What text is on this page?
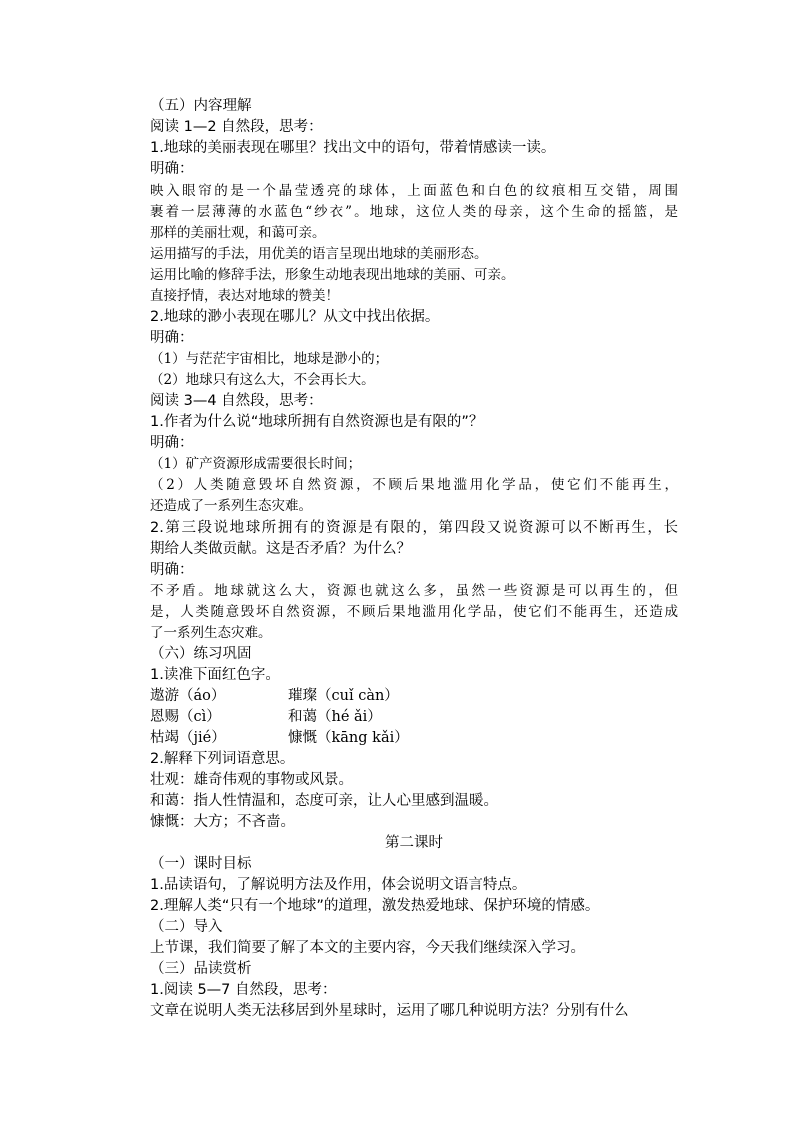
（五）内容理解
阅读 1—2 自然段，思考：
1.地球的美丽表现在哪里？找出文中的语句，带着情感读一读。
明确：
映入眼帘的是一个晶莹透亮的球体，上面蓝色和白色的纹痕相互交错，周围
裹着一层薄薄的水蓝色“纱衣”。地球，这位人类的母亲，这个生命的摇篮，是
那样的美丽壮观，和蔼可亲。
运用描写的手法，用优美的语言呈现出地球的美丽形态。
运用比喻的修辞手法，形象生动地表现出地球的美丽、可亲。
直接抒情，表达对地球的赞美！
2.地球的渺小表现在哪儿？从文中找出依据。
明确：
（1）与茫茫宇宙相比，地球是渺小的；
（2）地球只有这么大，不会再长大。
阅读 3—4 自然段，思考：
1.作者为什么说“地球所拥有自然资源也是有限的”？
明确：
（1）矿产资源形成需要很长时间；
（2）人类随意毁坏自然资源，不顾后果地滥用化学品，使它们不能再生，
还造成了一系列生态灾难。
2.第三段说地球所拥有的资源是有限的，第四段又说资源可以不断再生，长
期给人类做贡献。这是否矛盾？为什么？
明确：
不矛盾。地球就这么大，资源也就这么多，虽然一些资源是可以再生的，但
是，人类随意毁坏自然资源，不顾后果地滥用化学品，使它们不能再生，还造成
了一系列生态灾难。
（六）练习巩固
1.读准下面红色字。
遨游（áo）	璀璨（cuǐ càn）
恩赐（cì）	和蔼（hé ǎi）
枯竭（jié）	慷慨（kāng kǎi）
2.解释下列词语意思。
壮观：雄奇伟观的事物或风景。
和蔼：指人性情温和，态度可亲，让人心里感到温暖。
慷慨：大方；不吝啬。
第二课时
（一）课时目标
1.品读语句，了解说明方法及作用，体会说明文语言特点。
2.理解人类“只有一个地球”的道理，激发热爱地球、保护环境的情感。
（二）导入
上节课，我们简要了解了本文的主要内容，今天我们继续深入学习。
（三）品读赏析
1.阅读 5—7 自然段，思考：
文章在说明人类无法移居到外星球时，运用了哪几种说明方法？分别有什么
